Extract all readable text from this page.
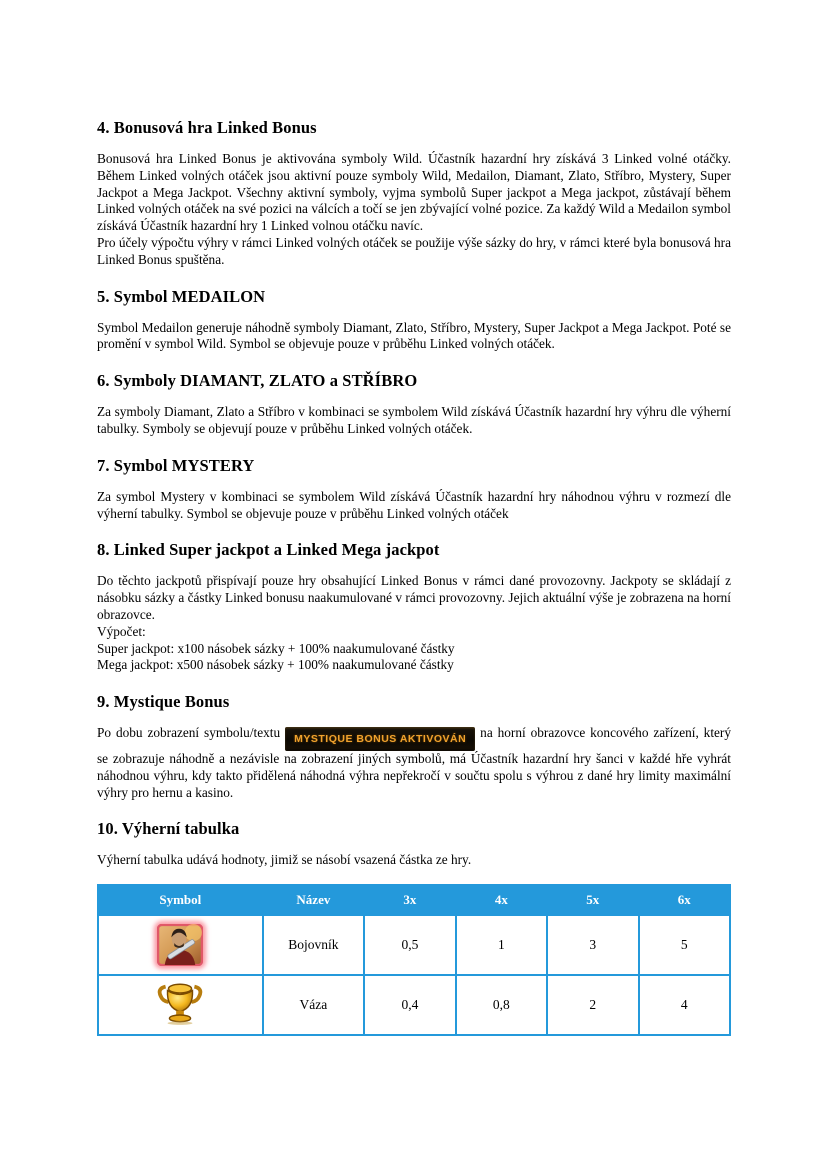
4. Bonusová hra Linked Bonus

Bonusová hra Linked Bonus je aktivována symboly Wild. Účastník hazardní hry získává 3 Linked volné otáčky. Během Linked volných otáček jsou aktivní pouze symboly Wild, Medailon, Diamant, Zlato, Stříbro, Mystery, Super Jackpot a Mega Jackpot. Všechny aktivní symboly, vyjma symbolů Super jackpot a Mega jackpot, zůstávají během Linked volných otáček na své pozici na válcích a točí se jen zbývající volné pozice. Za každý Wild a Medailon symbol získává Účastník hazardní hry 1 Linked volnou otáčku navíc.

Pro účely výpočtu výhry v rámci Linked volných otáček se použije výše sázky do hry, v rámci které byla bonusová hra Linked Bonus spuštěna.

5. Symbol MEDAILON

Symbol Medailon generuje náhodně symboly Diamant, Zlato, Stříbro, Mystery, Super Jackpot a Mega Jackpot. Poté se promění v symbol Wild. Symbol se objevuje pouze v průběhu Linked volných otáček.

6. Symboly DIAMANT, ZLATO a STŘÍBRO

Za symboly Diamant, Zlato a Stříbro v kombinaci se symbolem Wild získává Účastník hazardní hry výhru dle výherní tabulky. Symboly se objevují pouze v průběhu Linked volných otáček.

7. Symbol MYSTERY

Za symbol Mystery v kombinaci se symbolem Wild získává Účastník hazardní hry náhodnou výhru v rozmezí dle výherní tabulky. Symbol se objevuje pouze v průběhu Linked volných otáček

8. Linked Super jackpot a Linked Mega jackpot

Do těchto jackpotů přispívají pouze hry obsahující Linked Bonus v rámci dané provozovny. Jackpoty se skládají z násobku sázky a částky Linked bonusu naakumulované v rámci provozovny. Jejich aktuální výše je zobrazena na horní obrazovce.

Výpočet:

Super jackpot: x100 násobek sázky + 100% naakumulované částky

Mega jackpot: x500 násobek sázky + 100% naakumulované částky

9. Mystique Bonus

Po dobu zobrazení symbolu/textu MYSTIQUE BONUS AKTIVOVÁN na horní obrazovce koncového zařízení, který se zobrazuje náhodně a nezávisle na zobrazení jiných symbolů, má Účastník hazardní hry šanci v každé hře vyhrát náhodnou výhru, kdy takto přidělená náhodná výhra nepřekročí v součtu spolu s výhrou z dané hry limity maximální výhry pro hernu a kasino.

10. Výherní tabulka

Výherní tabulka udává hodnoty, jimiž se násobí vsazená částka ze hry.

Symbol	Název	3x	4x	5x	6x

	Bojovník	0,5	1	3	5

	Váza	0,4	0,8	2	4
